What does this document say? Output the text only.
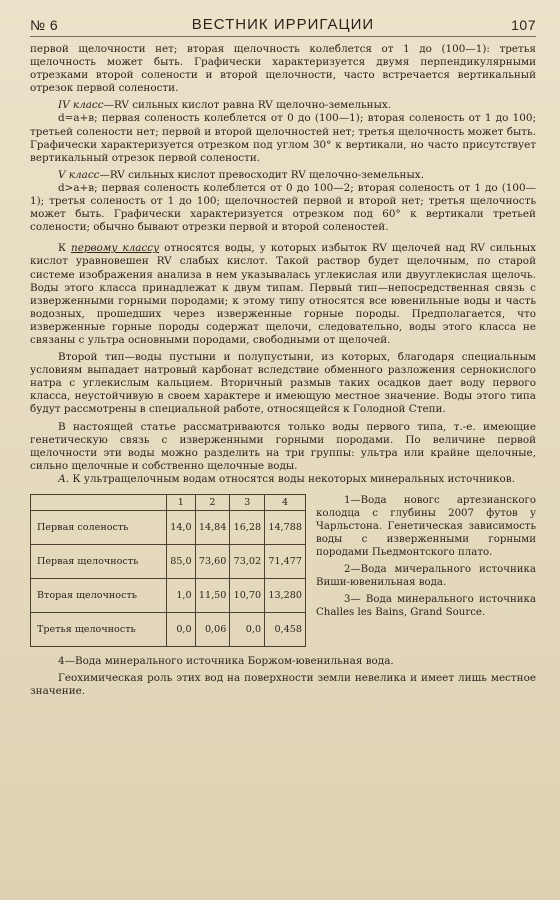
№ 6	ВЕСТНИК ИРРИГАЦИИ	107

первой щелочности нет; вторая щелочность колеблется от 1 до (100—1): третья щелочность может быть. Графически характеризуется двумя перпендикулярными отрезками второй солености и второй щелочности, часто встречается вертикальный отрезок первой солености.

IV класс—RV сильных кислот равна RV щелочно-земельных.

d=a+в; первая соленость колеблется от 0 до (100—1); вторая соленость от 1 до 100; третьей солености нет; первой и второй щелочностей нет; третья щелочность может быть. Графически характеризуется отрезком под углом 30° к вертикали, но часто присутствует вертикальный отрезок первой солености.

V класс—RV сильных кислот превосходит RV щелочно-земельных.

d>a+в; первая соленость колеблется от 0 до 100—2; вторая соленость от 1 до (100—1); третья соленость от 1 до 100; щелочностей первой и второй нет; третья щелочность может быть. Графически характеризуется отрезком под 60° к вертикали третьей солености; обычно бывают отрезки первой и второй соленостей.

К первому классу относятся воды, у которых избыток RV щелочей над RV сильных кислот уравновешен RV слабых кислот. Такой раствор будет щелочным, по старой системе изображения анализа в нем указывалась углекислая или двууглекислая щелочь. Воды этого класса принадлежат к двум типам. Первый тип—непосредственная связь с изверженными горными породами; к этому типу относятся все ювенильные воды и часть водозных, прошедших через изверженные горные породы. Предполагается, что изверженные горные породы содержат щелочи, следовательно, воды этого класса не связаны с ультра основными породами, свободными от щелочей.

Второй тип—воды пустыни и полупустыни, из которых, благодаря специальным условиям выпадает натровый карбонат вследствие обменного разложения сернокислого натра с углекислым кальцием. Вторичный размыв таких осадков дает воду первого класса, неустойчивую в своем характере и имеющую местное значение. Воды этого типа будут рассмотрены в специальной работе, относящейся к Голодной Степи.

В настоящей статье рассматриваются только воды первого типа, т.-е. имеющие генетическую связь с изверженными горными породами. По величине первой щелочности эти воды можно разделить на три группы: ультра или крайне щелочные, сильно щелочные и собственно щелочные воды.

А. К ультращелочным водам относятся воды некоторых минеральных источников.

	1	2	3	4
Первая соленость	14,0	14,84	16,28	14,788
Первая щелочность	85,0	73,60	73,02	71,477
Вторая щелочность	1,0	11,50	10,70	13,280
Третья щелочность	0,0	0,06	0,0	0,458

1—Вода новогс артезианского колодца с глубины 2007 футов у Чарльстона. Генетическая зависимость воды с изверженными горными породами Пьедмонтского плато.

2—Вода мичерального источника Виши-ювенильная вода.

3— Вода минерального источника Challes les Bains, Grand Source.

4—Вода минерального источника Боржом-ювенильная вода.

Геохимическая роль этих вод на поверхности земли невелика и имеет лишь местное значение.
